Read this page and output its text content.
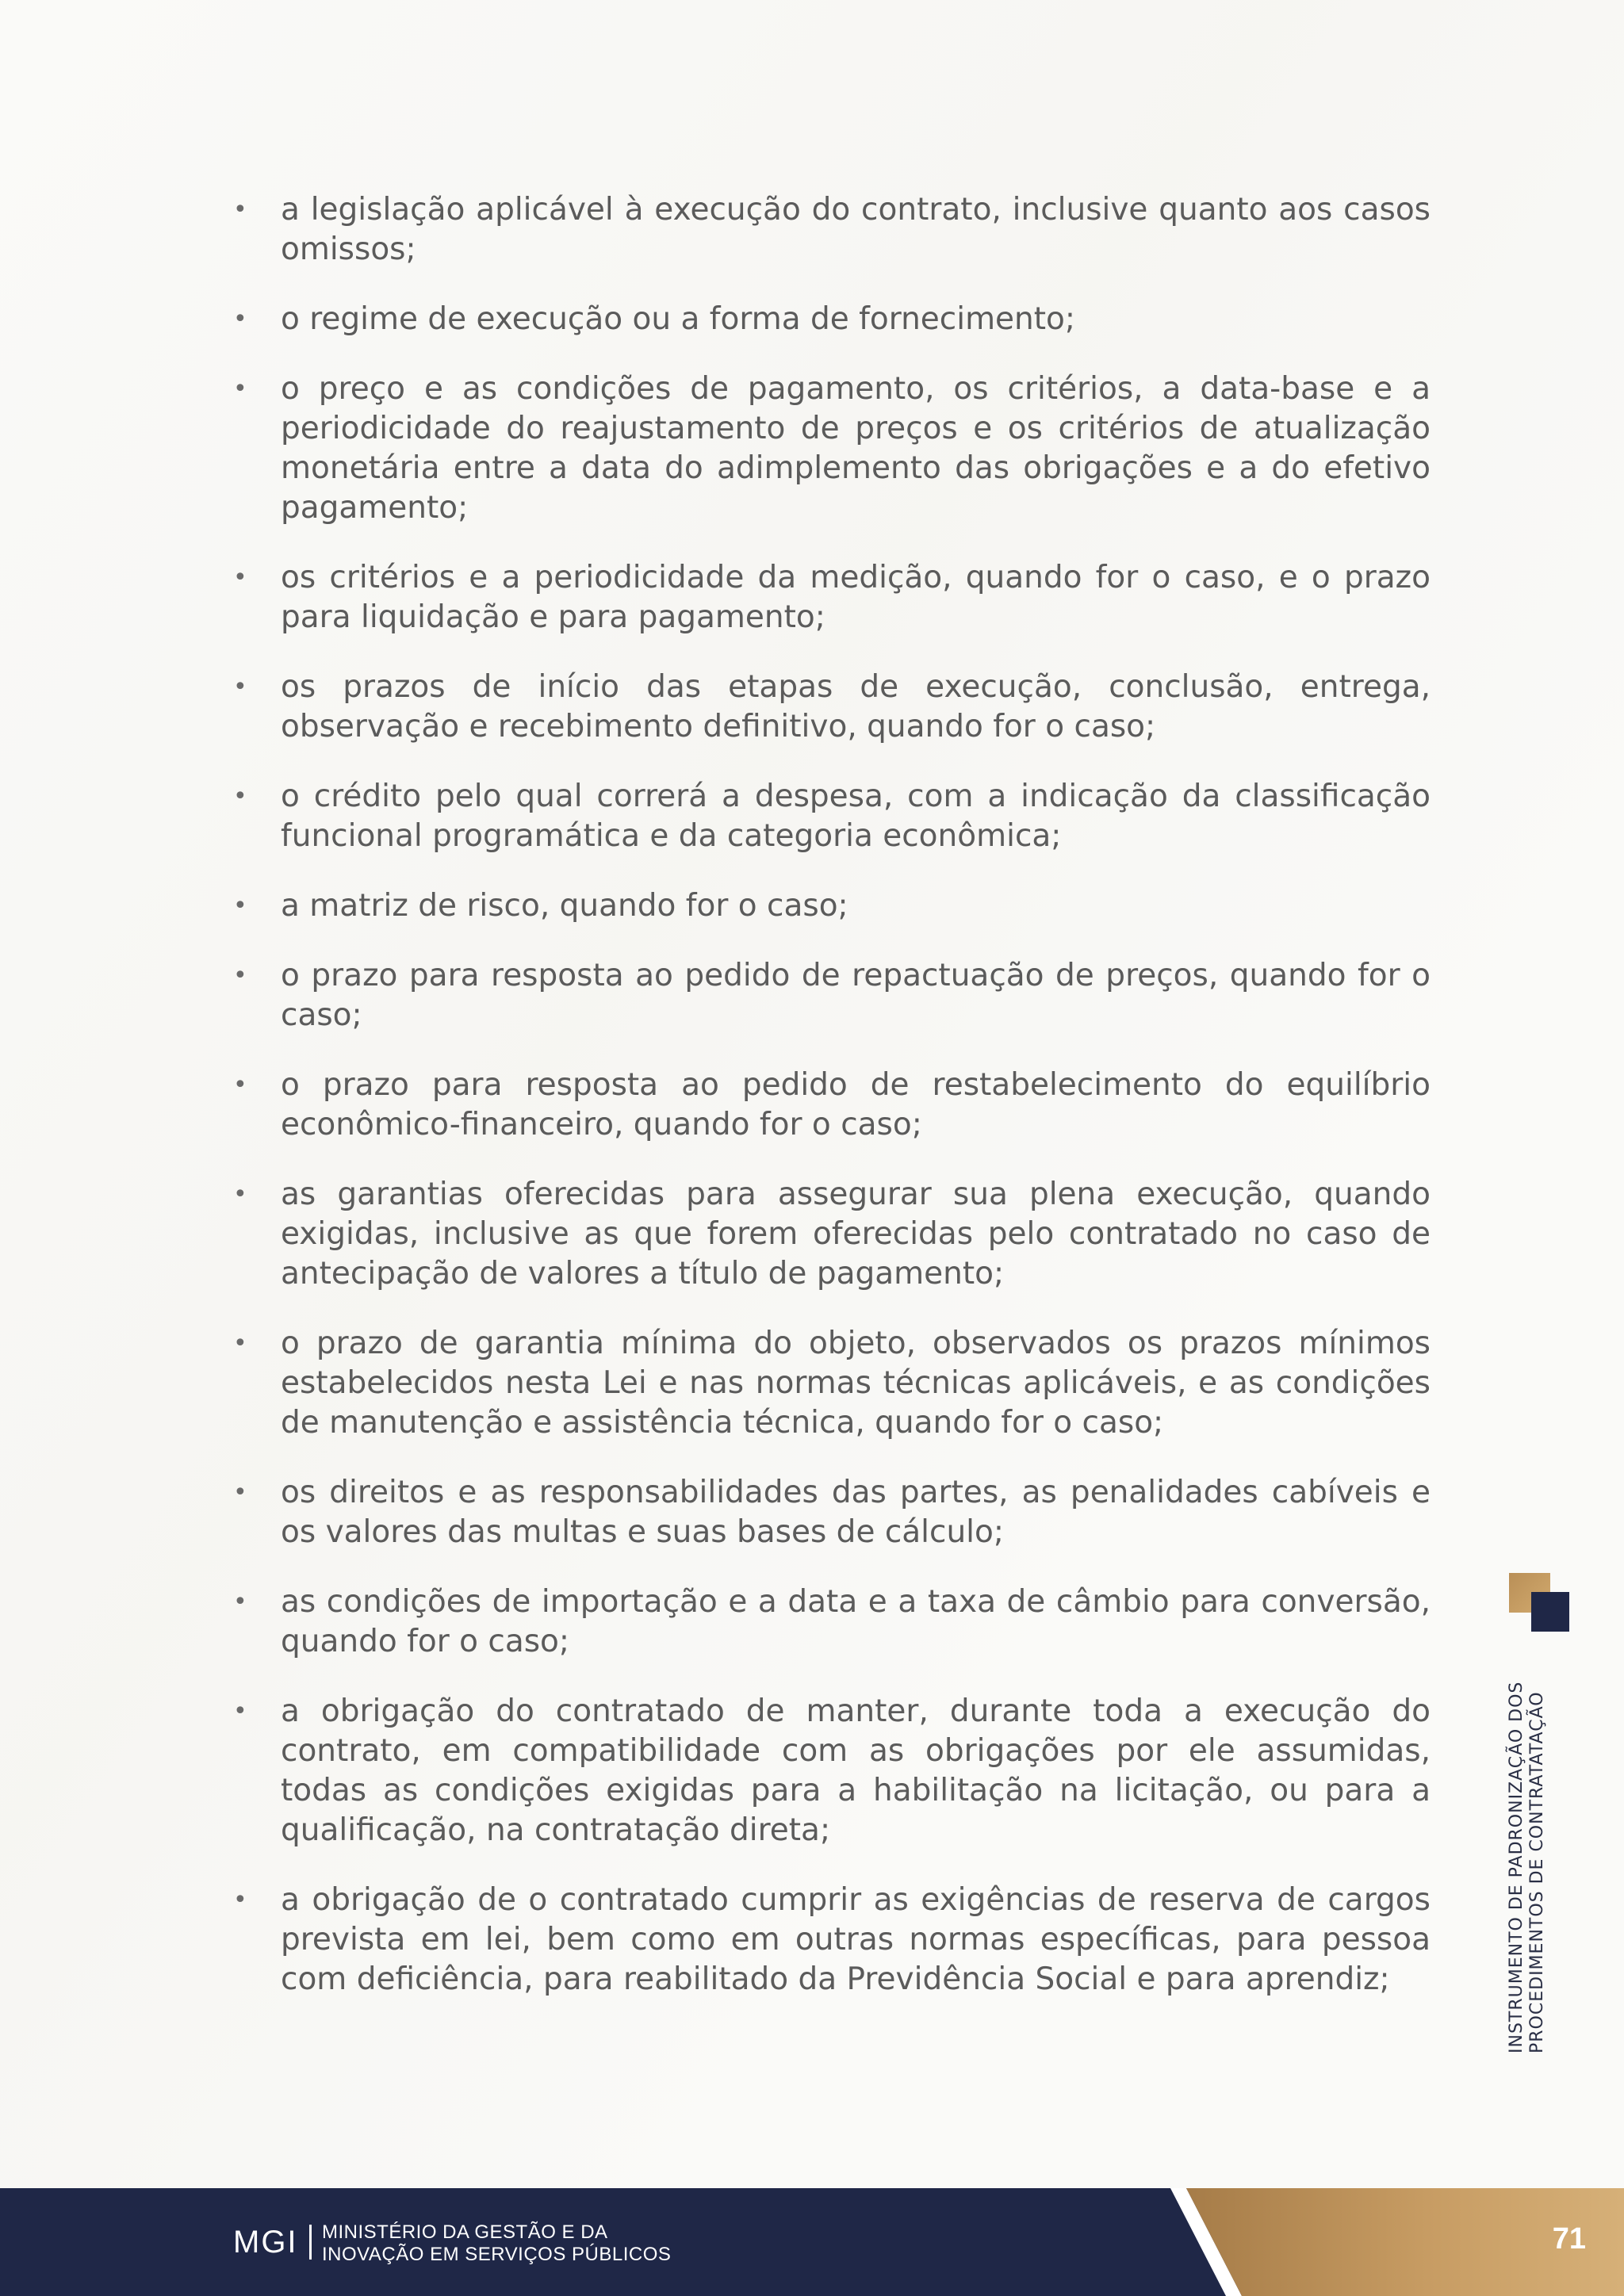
• a legislação aplicável à execução do contrato, inclusive quanto aos casos omissos;
• o regime de execução ou a forma de fornecimento;
• o preço e as condições de pagamento, os critérios, a data-base e a periodicidade do reajustamento de preços e os critérios de atualização monetária entre a data do adimplemento das obrigações e a do efetivo pagamento;
• os critérios e a periodicidade da medição, quando for o caso, e o prazo para liquidação e para pagamento;
• os prazos de início das etapas de execução, conclusão, entrega, observação e recebimento definitivo, quando for o caso;
• o crédito pelo qual correrá a despesa, com a indicação da classificação funcional programática e da categoria econômica;
• a matriz de risco, quando for o caso;
• o prazo para resposta ao pedido de repactuação de preços, quando for o caso;
• o prazo para resposta ao pedido de restabelecimento do equilíbrio econômico-financeiro, quando for o caso;
• as garantias oferecidas para assegurar sua plena execução, quando exigidas, inclusive as que forem oferecidas pelo contratado no caso de antecipação de valores a título de pagamento;
• o prazo de garantia mínima do objeto, observados os prazos mínimos estabelecidos nesta Lei e nas normas técnicas aplicáveis, e as condições de manutenção e assistência técnica, quando for o caso;
• os direitos e as responsabilidades das partes, as penalidades cabíveis e os valores das multas e suas bases de cálculo;
• as condições de importação e a data e a taxa de câmbio para conversão, quando for o caso;
• a obrigação do contratado de manter, durante toda a execução do contrato, em compatibilidade com as obrigações por ele assumidas, todas as condições exigidas para a habilitação na licitação, ou para a qualificação, na contratação direta;
• a obrigação de o contratado cumprir as exigências de reserva de cargos prevista em lei, bem como em outras normas específicas, para pessoa com deficiência, para reabilitado da Previdência Social e para aprendiz;	INSTRUMENTO DE PADRONIZAÇÃO DOS PROCEDIMENTOS DE CONTRATATAÇÃO
MGI MINISTÉRIO DA GESTÃO E DA
INOVAÇÃO EM SERVIÇOS PÚBLICOS	71
